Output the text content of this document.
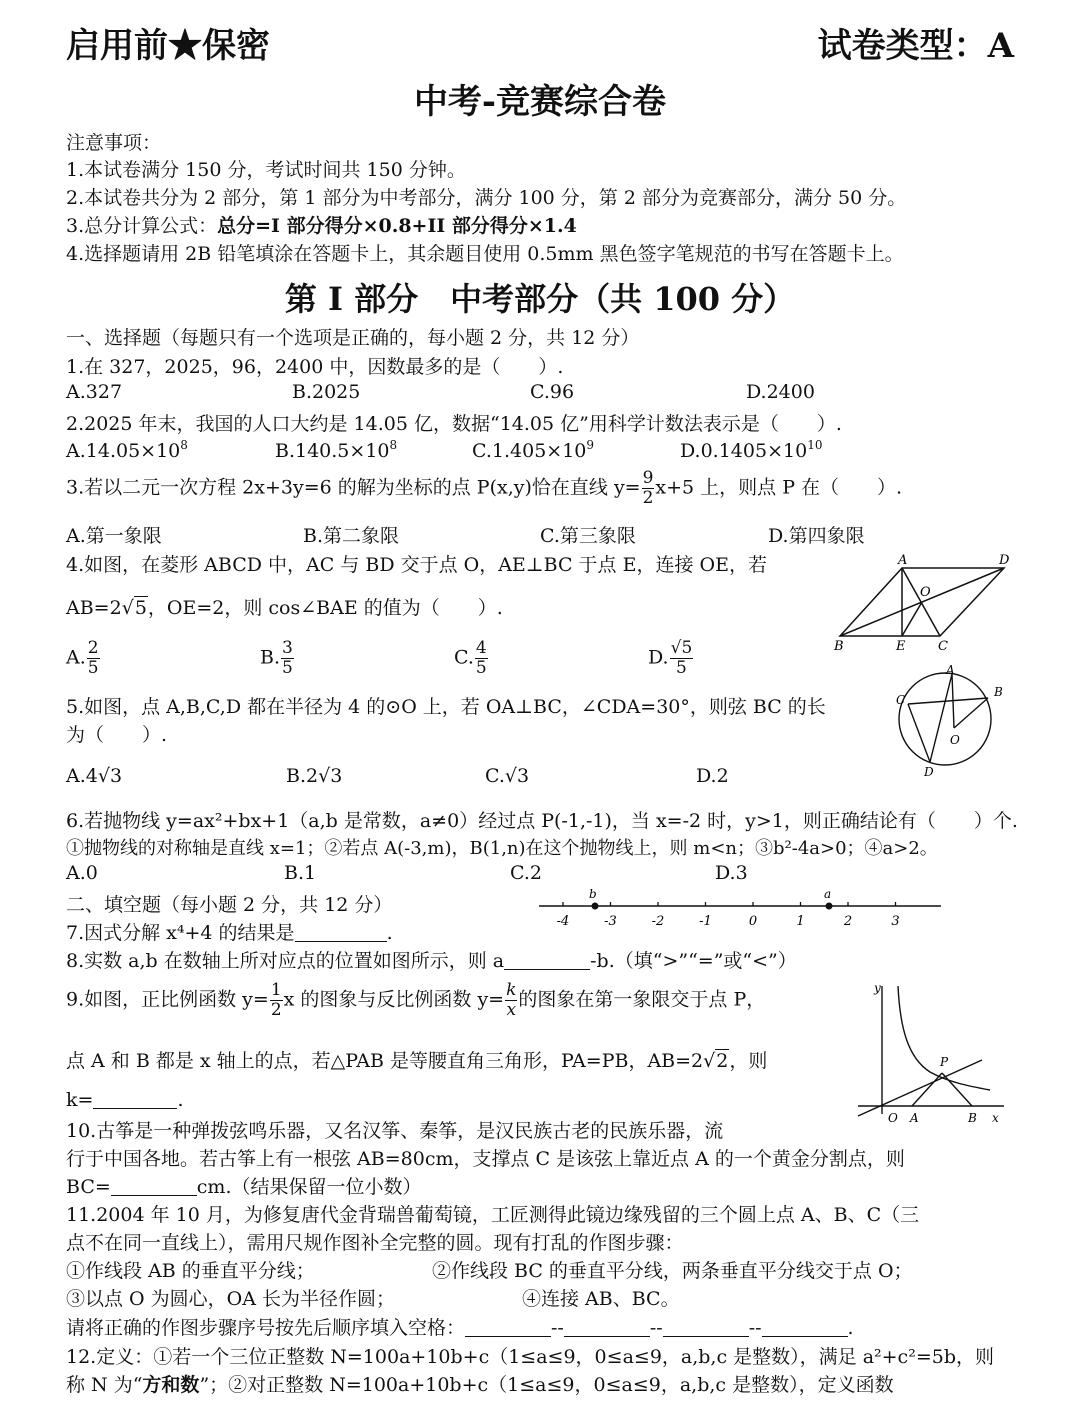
启用前★保密	试卷类型：A
中考-竞赛综合卷
注意事项：
1.本试卷满分 150 分，考试时间共 150 分钟。
2.本试卷共分为 2 部分，第 1 部分为中考部分，满分 100 分，第 2 部分为竞赛部分，满分 50 分。
3.总分计算公式：总分=I 部分得分×0.8+II 部分得分×1.4
4.选择题请用 2B 铅笔填涂在答题卡上，其余题目使用 0.5mm 黑色签字笔规范的书写在答题卡上。
第 I 部分　中考部分（共 100 分）
一、选择题（每题只有一个选项是正确的，每小题 2 分，共 12 分）
1.在 327，2025，96，2400 中，因数最多的是（　　）.
A.327	B.2025	C.96	D.2400
2.2025 年末，我国的人口大约是 14.05 亿，数据“14.05 亿”用科学计数法表示是（　　）.
$A.14.05\times 10^8$	$B.140.5\times 10^8$	$C.1.405\times 10^9$	$D.0.1405\times 10^{10}$
3.若以二元一次方程 2x+3y=6 的解为坐标的点 P(x,y)恰在直线 $y= \frac{9}{2} x+5$ 上，则点 P 在（　　）.
A.第一象限	B.第二象限	C.第三象限	D.第四象限
4.如图，在菱形 ABCD 中，AC 与 BD 交于点 O，AE⊥BC 于点 E，连接 OE，若
AB=2√5，OE=2，则 cos∠BAE 的值为（　　）.
A. $\frac{2}{5}$	B. $\frac{3}{5}$	C. $\frac{4}{5}$	D. $\frac{√5}{5}$
A	D
O
B	E	C
5.如图，点 A,B,C,D 都在半径为 4 的⊙O 上，若 OA⊥BC，∠CDA=30°，则弦 BC 的长
为（　　）.
A.4√3	B.2√3	C.√3	D.2
A
B
C
O
D
6.若抛物线 y=ax²+bx+1（a,b 是常数，a≠0）经过点 P(-1,-1)，当 x=-2 时，y>1，则正确结论有（　　）个.
①抛物线的对称轴是直线 x=1；②若点 A(-3,m)，B(1,n)在这个抛物线上，则 m<n；③b²-4a>0；④a>2。
A.0	B.1	C.2	D.3
二、填空题（每小题 2 分，共 12 分）
-4	-3	-2	-1	0	1	2	3
b	a
7.因式分解 x⁴+4 的结果是	.
8.实数 a,b 在数轴上所对应点的位置如图所示，则 a	-b.（填“>”“=”或“<”）
9.如图，正比例函数 $y= \frac{1}{2}$ x 的图象与反比例函数 $y= \frac{k}{x}$ 的图象在第一象限交于点 P，
点 A 和 B 都是 x 轴上的点，若△PAB 是等腰直角三角形，PA=PB，AB=2√2，则
k=	.
y
P
O A	B x
10.古筝是一种弹拨弦鸣乐器，又名汉筝、秦筝，是汉民族古老的民族乐器，流
行于中国各地。若古筝上有一根弦 AB=80cm，支撑点 C 是该弦上靠近点 A 的一个黄金分割点，则
BC=	cm.（结果保留一位小数）
11.2004 年 10 月，为修复唐代金背瑞兽葡萄镜，工匠测得此镜边缘残留的三个圆上点 A、B、C（三
点不在同一直线上），需用尺规作图补全完整的圆。现有打乱的作图步骤：
①作线段 AB 的垂直平分线；	②作线段 BC 的垂直平分线，两条垂直平分线交于点 O；
③以点 O 为圆心，OA 长为半径作圆；	④连接 AB、BC。
请将正确的作图步骤序号按先后顺序填入空格：	--	--	--	.
12.定义：①若一个三位正整数 N=100a+10b+c（1≤a≤9，0≤a≤9，a,b,c 是整数），满足 a²+c²=5b，则
称 N 为“方和数”；②对正整数 N=100a+10b+c（1≤a≤9，0≤a≤9，a,b,c 是整数），定义函数
